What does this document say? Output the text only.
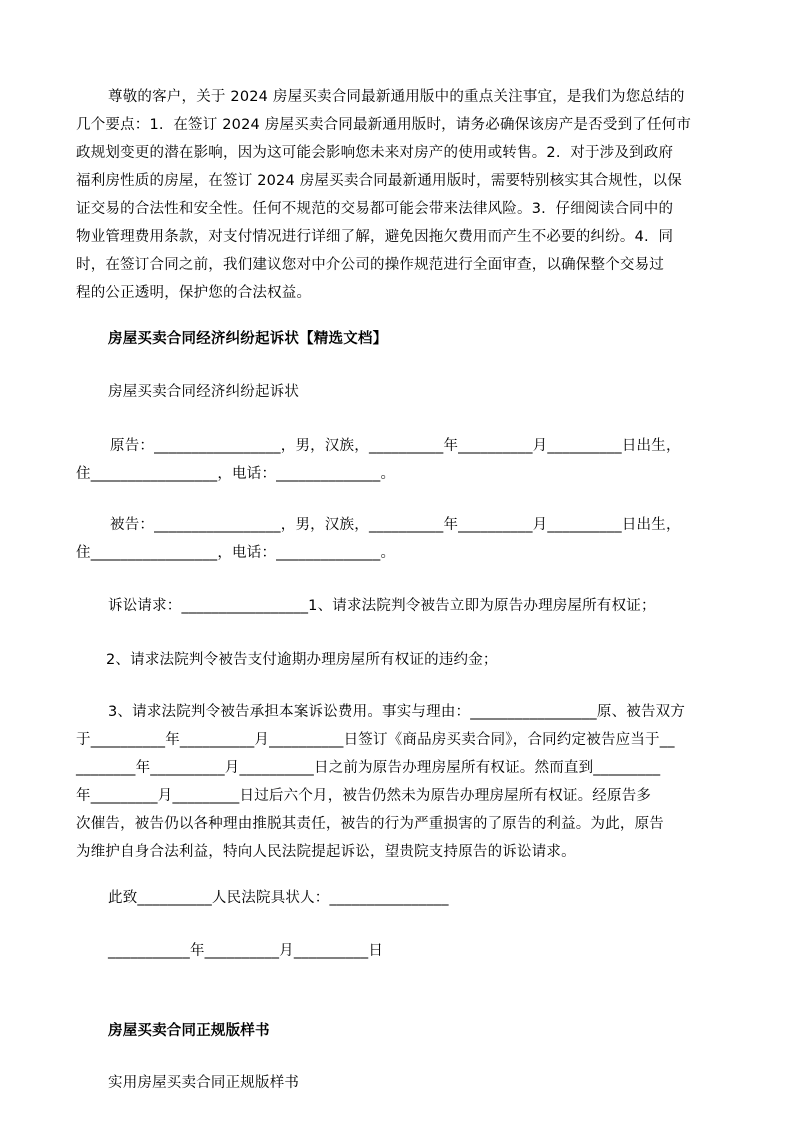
尊敬的客户，关于 2024 房屋买卖合同最新通用版中的重点关注事宜，是我们为您总结的
几个要点：1.  在签订 2024 房屋买卖合同最新通用版时，请务必确保该房产是否受到了任何市
政规划变更的潜在影响，因为这可能会影响您未来对房产的使用或转售。2.  对于涉及到政府
福利房性质的房屋，在签订 2024 房屋买卖合同最新通用版时，需要特别核实其合规性，以保
证交易的合法性和安全性。任何不规范的交易都可能会带来法律风险。3.  仔细阅读合同中的
物业管理费用条款，对支付情况进行详细了解，避免因拖欠费用而产生不必要的纠纷。4.  同
时，在签订合同之前，我们建议您对中介公司的操作规范进行全面审查，以确保整个交易过
程的公正透明，保护您的合法权益。
房屋买卖合同经济纠纷起诉状【精选文档】
房屋买卖合同经济纠纷起诉状
原告：_________________，男，汉族，__________年__________月__________日出生，
住_________________，电话：______________。
被告：_________________，男，汉族，__________年__________月__________日出生，
住_________________，电话：______________。
诉讼请求：_________________1、请求法院判令被告立即为原告办理房屋所有权证；
2、请求法院判令被告支付逾期办理房屋所有权证的违约金；
3、请求法院判令被告承担本案诉讼费用。事实与理由：_________________原、被告双方
于__________年__________月__________日签订《商品房买卖合同》，合同约定被告应当于__
________年__________月__________日之前为原告办理房屋所有权证。然而直到_________
年_________月_________日过后六个月，被告仍然未为原告办理房屋所有权证。经原告多
次催告，被告仍以各种理由推脱其责任，被告的行为严重损害的了原告的利益。为此，原告
为维护自身合法利益，特向人民法院提起诉讼，望贵院支持原告的诉讼请求。
此致__________人民法院具状人：________________
___________年__________月__________日
房屋买卖合同正规版样书
实用房屋买卖合同正规版样书
